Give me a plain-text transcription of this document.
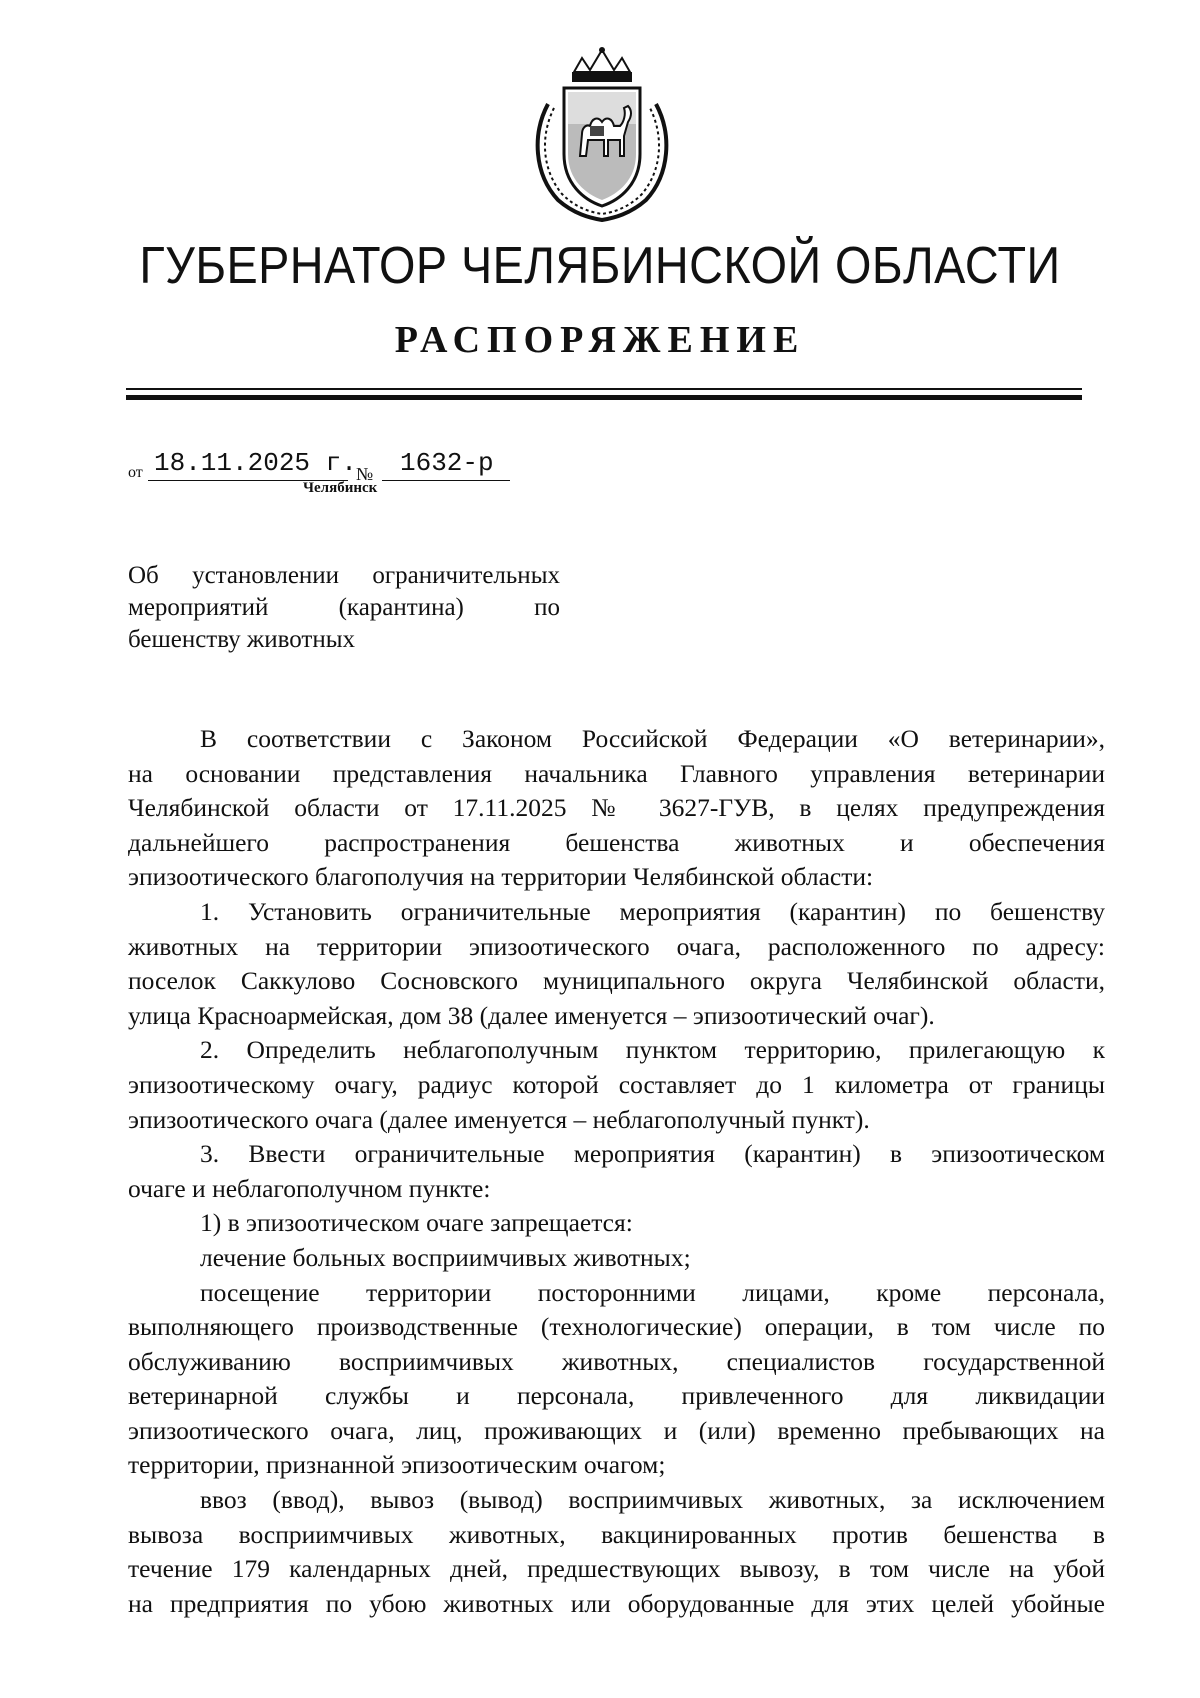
ГУБЕРНАТОР ЧЕЛЯБИНСКОЙ ОБЛАСТИ
РАСПОРЯЖЕНИЕ
от 18.11.2025 г. № 1632-р
Челябинск
Об установлении ограничительных
мероприятий (карантина) по
бешенству животных
В соответствии с Законом Российской Федерации «О ветеринарии»,
на основании представления начальника Главного управления ветеринарии
Челябинской области от 17.11.2025 № 3627-ГУВ, в целях предупреждения
дальнейшего распространения бешенства животных и обеспечения
эпизоотического благополучия на территории Челябинской области:
1. Установить ограничительные мероприятия (карантин) по бешенству
животных на территории эпизоотического очага, расположенного по адресу:
поселок Саккулово Сосновского муниципального округа Челябинской области,
улица Красноармейская, дом 38 (далее именуется – эпизоотический очаг).
2. Определить неблагополучным пунктом территорию, прилегающую к
эпизоотическому очагу, радиус которой составляет до 1 километра от границы
эпизоотического очага (далее именуется – неблагополучный пункт).
3. Ввести ограничительные мероприятия (карантин) в эпизоотическом
очаге и неблагополучном пункте:
1) в эпизоотическом очаге запрещается:
лечение больных восприимчивых животных;
посещение территории посторонними лицами, кроме персонала,
выполняющего производственные (технологические) операции, в том числе по
обслуживанию восприимчивых животных, специалистов государственной
ветеринарной службы и персонала, привлеченного для ликвидации
эпизоотического очага, лиц, проживающих и (или) временно пребывающих на
территории, признанной эпизоотическим очагом;
ввоз (ввод), вывоз (вывод) восприимчивых животных, за исключением
вывоза восприимчивых животных, вакцинированных против бешенства в
течение 179 календарных дней, предшествующих вывозу, в том числе на убой
на предприятия по убою животных или оборудованные для этих целей убойные
